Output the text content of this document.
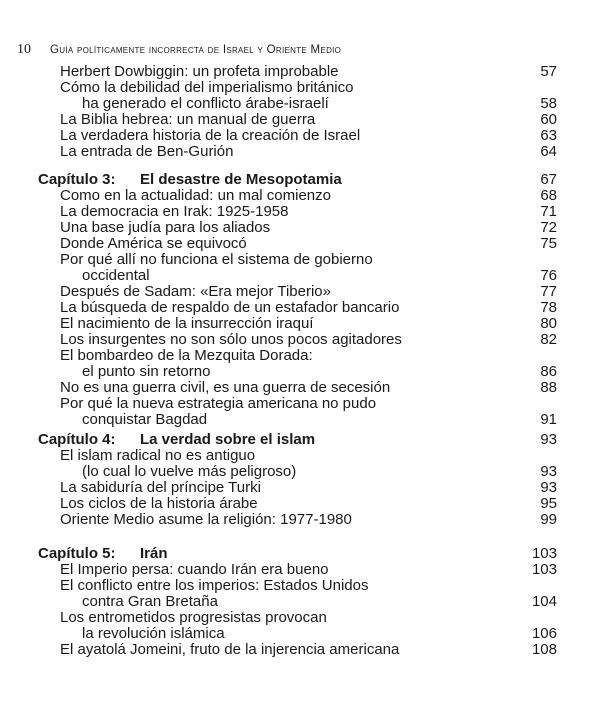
10 Guía políticamente incorrecta de Israel y Oriente Medio
Herbert Dowbiggin: un profeta improbable	57
Cómo la debilidad del imperialismo británico
ha generado el conflicto árabe-israelí	58
La Biblia hebrea: un manual de guerra	60
La verdadera historia de la creación de Israel	63
La entrada de Ben-Gurión	64
Capítulo 3: El desastre de Mesopotamia	67
Como en la actualidad: un mal comienzo	68
La democracia en Irak: 1925-1958	71
Una base judía para los aliados	72
Donde América se equivocó	75
Por qué allí no funciona el sistema de gobierno
occidental	76
Después de Sadam: «Era mejor Tiberio»	77
La búsqueda de respaldo de un estafador bancario	78
El nacimiento de la insurrección iraquí	80
Los insurgentes no son sólo unos pocos agitadores	82
El bombardeo de la Mezquita Dorada:
el punto sin retorno	86
No es una guerra civil, es una guerra de secesión	88
Por qué la nueva estrategia americana no pudo
conquistar Bagdad	91
Capítulo 4: La verdad sobre el islam	93
El islam radical no es antiguo
(lo cual lo vuelve más peligroso)	93
La sabiduría del príncipe Turki	93
Los ciclos de la historia árabe	95
Oriente Medio asume la religión: 1977-1980	99
Capítulo 5: Irán	103
El Imperio persa: cuando Irán era bueno	103
El conflicto entre los imperios: Estados Unidos
contra Gran Bretaña	104
Los entrometidos progresistas provocan
la revolución islámica	106
El ayatolá Jomeini, fruto de la injerencia americana	108
